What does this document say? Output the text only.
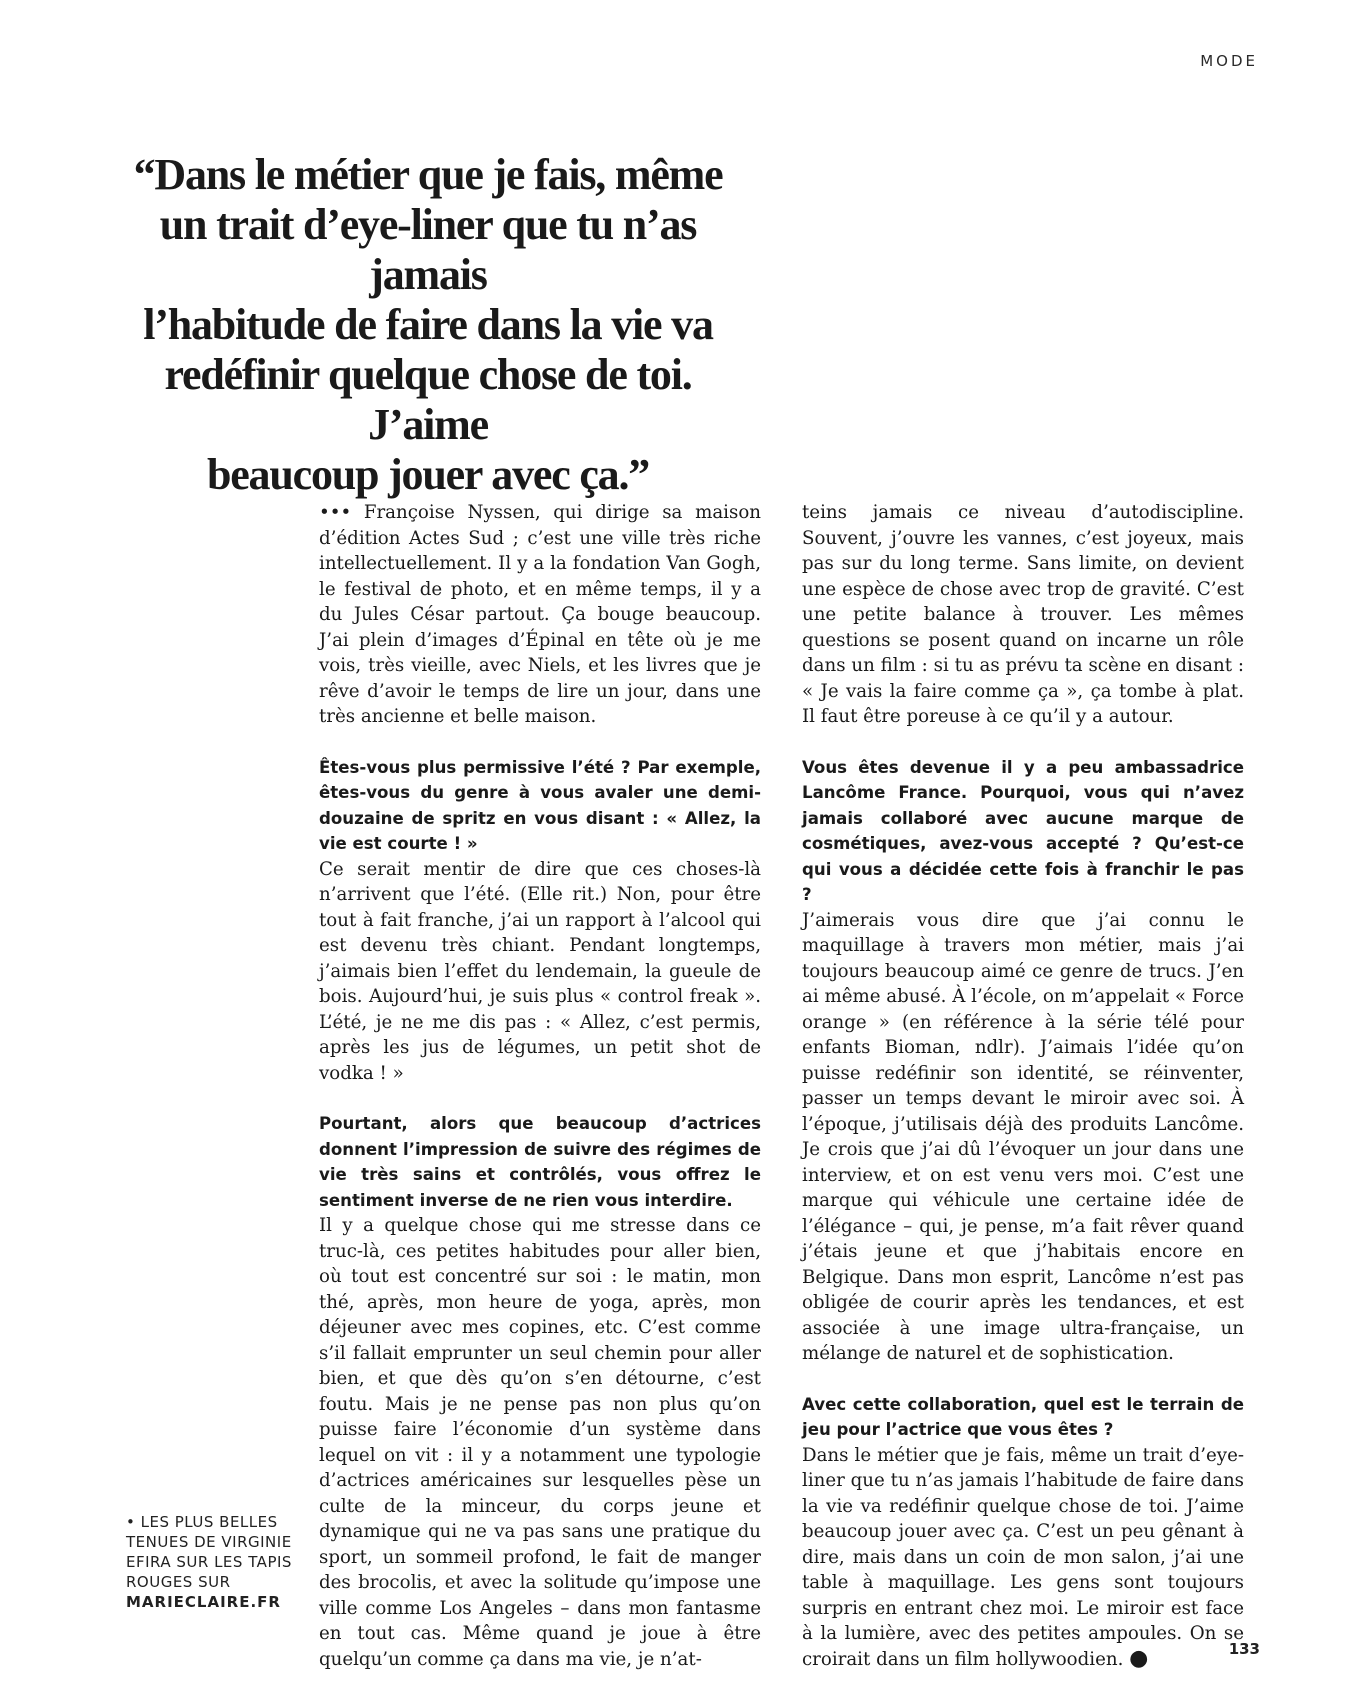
MODE
“Dans le métier que je fais, même
un trait d’eye-liner que tu n’as jamais
l’habitude de faire dans la vie va
redéfinir quelque chose de toi. J’aime
beaucoup jouer avec ça.”

••• Françoise Nyssen, qui dirige sa maison d’édition Actes Sud ; c’est une ville très riche intellectuellement. Il y a la fondation Van Gogh, le festival de photo, et en même temps, il y a du Jules César partout. Ça bouge beaucoup. J’ai plein d’images d’Épinal en tête où je me vois, très vieille, avec Niels, et les livres que je rêve d’avoir le temps de lire un jour, dans une très ancienne et belle maison.

Êtes-vous plus permissive l’été ? Par exemple, êtes-vous du genre à vous avaler une demi-douzaine de spritz en vous disant : « Allez, la vie est courte ! »

Ce serait mentir de dire que ces choses-là n’arrivent que l’été. (Elle rit.) Non, pour être tout à fait franche, j’ai un rapport à l’alcool qui est devenu très chiant. Pendant longtemps, j’aimais bien l’effet du lendemain, la gueule de bois. Aujourd’hui, je suis plus « control freak ». L’été, je ne me dis pas : « Allez, c’est permis, après les jus de légumes, un petit shot de vodka ! »

Pourtant, alors que beaucoup d’actrices donnent l’impression de suivre des régimes de vie très sains et contrôlés, vous offrez le sentiment inverse de ne rien vous interdire.

Il y a quelque chose qui me stresse dans ce truc-là, ces petites habitudes pour aller bien, où tout est concentré sur soi : le matin, mon thé, après, mon heure de yoga, après, mon déjeuner avec mes copines, etc. C’est comme s’il fallait emprunter un seul chemin pour aller bien, et que dès qu’on s’en détourne, c’est foutu. Mais je ne pense pas non plus qu’on puisse faire l’économie d’un système dans lequel on vit : il y a notamment une typologie d’actrices américaines sur lesquelles pèse un culte de la minceur, du corps jeune et dynamique qui ne va pas sans une pratique du sport, un sommeil profond, le fait de manger des brocolis, et avec la solitude qu’impose une ville comme Los Angeles – dans mon fantasme en tout cas. Même quand je joue à être quelqu’un comme ça dans ma vie, je n’at-

teins jamais ce niveau d’autodiscipline. Souvent, j’ouvre les vannes, c’est joyeux, mais pas sur du long terme. Sans limite, on devient une espèce de chose avec trop de gravité. C’est une petite balance à trouver. Les mêmes questions se posent quand on incarne un rôle dans un film : si tu as prévu ta scène en disant : « Je vais la faire comme ça », ça tombe à plat. Il faut être poreuse à ce qu’il y a autour.

Vous êtes devenue il y a peu ambassadrice Lancôme France. Pourquoi, vous qui n’avez jamais collaboré avec aucune marque de cosmétiques, avez-vous accepté ? Qu’est-ce qui vous a décidée cette fois à franchir le pas ?

J’aimerais vous dire que j’ai connu le maquillage à travers mon métier, mais j’ai toujours beaucoup aimé ce genre de trucs. J’en ai même abusé. À l’école, on m’appelait « Force orange » (en référence à la série télé pour enfants Bioman, ndlr). J’aimais l’idée qu’on puisse redéfinir son identité, se réinventer, passer un temps devant le miroir avec soi. À l’époque, j’utilisais déjà des produits Lancôme. Je crois que j’ai dû l’évoquer un jour dans une interview, et on est venu vers moi. C’est une marque qui véhicule une certaine idée de l’élégance – qui, je pense, m’a fait rêver quand j’étais jeune et que j’habitais encore en Belgique. Dans mon esprit, Lancôme n’est pas obligée de courir après les tendances, et est associée à une image ultra-française, un mélange de naturel et de sophistication.

Avec cette collaboration, quel est le terrain de jeu pour l’actrice que vous êtes ?

Dans le métier que je fais, même un trait d’eye-liner que tu n’as jamais l’habitude de faire dans la vie va redéfinir quelque chose de toi. J’aime beaucoup jouer avec ça. C’est un peu gênant à dire, mais dans un coin de mon salon, j’ai une table à maquillage. Les gens sont toujours surpris en entrant chez moi. Le miroir est face à la lumière, avec des petites ampoules. On se croirait dans un film hollywoodien. ●

• LES PLUS BELLES TENUES DE VIRGINIE EFIRA SUR LES TAPIS ROUGES SUR
MARIECLAIRE.FR
133
